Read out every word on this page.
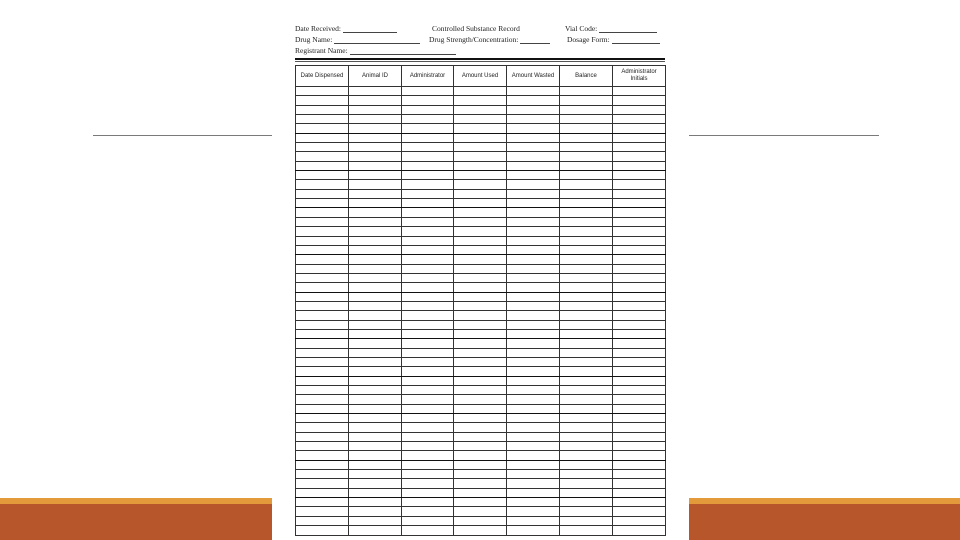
Date Received:	Controlled Substance Record	Vial Code:
Drug Name:	Drug Strength/Concentration:	Dosage Form:
Registrant Name:
Date Dispensed	Animal ID	Administrator	Amount Used	Amount Wasted	Balance	Administrator Initials
